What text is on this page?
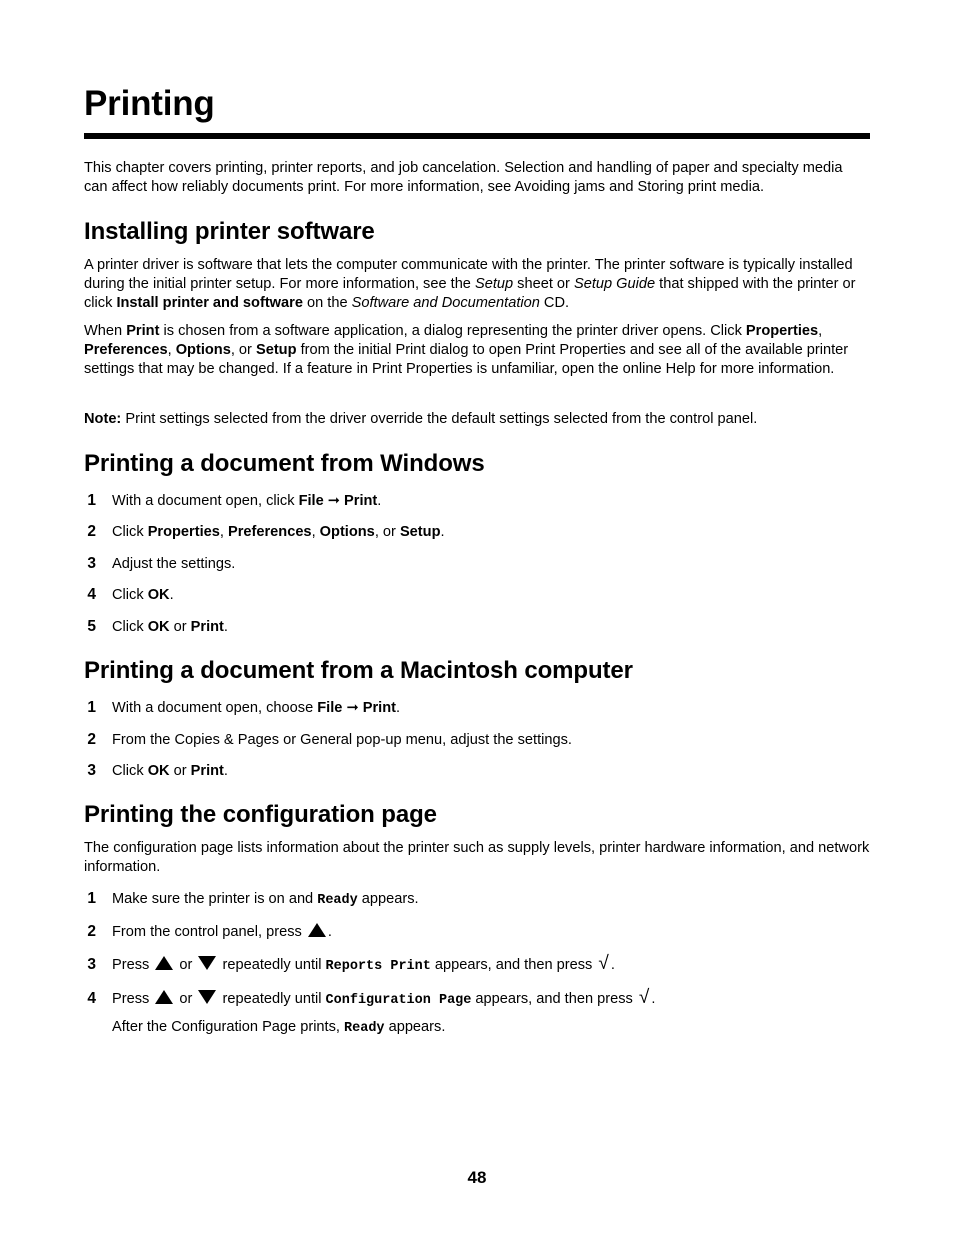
Printing

This chapter covers printing, printer reports, and job cancelation. Selection and handling of paper and specialty media can affect how reliably documents print. For more information, see Avoiding jams and Storing print media.

Installing printer software

A printer driver is software that lets the computer communicate with the printer. The printer software is typically installed during the initial printer setup. For more information, see the Setup sheet or Setup Guide that shipped with the printer or click Install printer and software on the Software and Documentation CD.

When Print is chosen from a software application, a dialog representing the printer driver opens. Click Properties, Preferences, Options, or Setup from the initial Print dialog to open Print Properties and see all of the available printer settings that may be changed. If a feature in Print Properties is unfamiliar, open the online Help for more information.

Note: Print settings selected from the driver override the default settings selected from the control panel.

Printing a document from Windows
1 With a document open, click File ➞ Print.
2 Click Properties, Preferences, Options, or Setup.
3 Adjust the settings.
4 Click OK.
5 Click OK or Print.
Printing a document from a Macintosh computer
1 With a document open, choose File ➞ Print.
2 From the Copies & Pages or General pop-up menu, adjust the settings.
3 Click OK or Print.
Printing the configuration page

The configuration page lists information about the printer such as supply levels, printer hardware information, and network information.

1 Make sure the printer is on and Ready appears.
2 From the control panel, press .
3 Press  or  repeatedly until Reports Print appears, and then press √ .
4 Press  or  repeatedly until Configuration Page appears, and then press √ .
After the Configuration Page prints, Ready appears.
48
